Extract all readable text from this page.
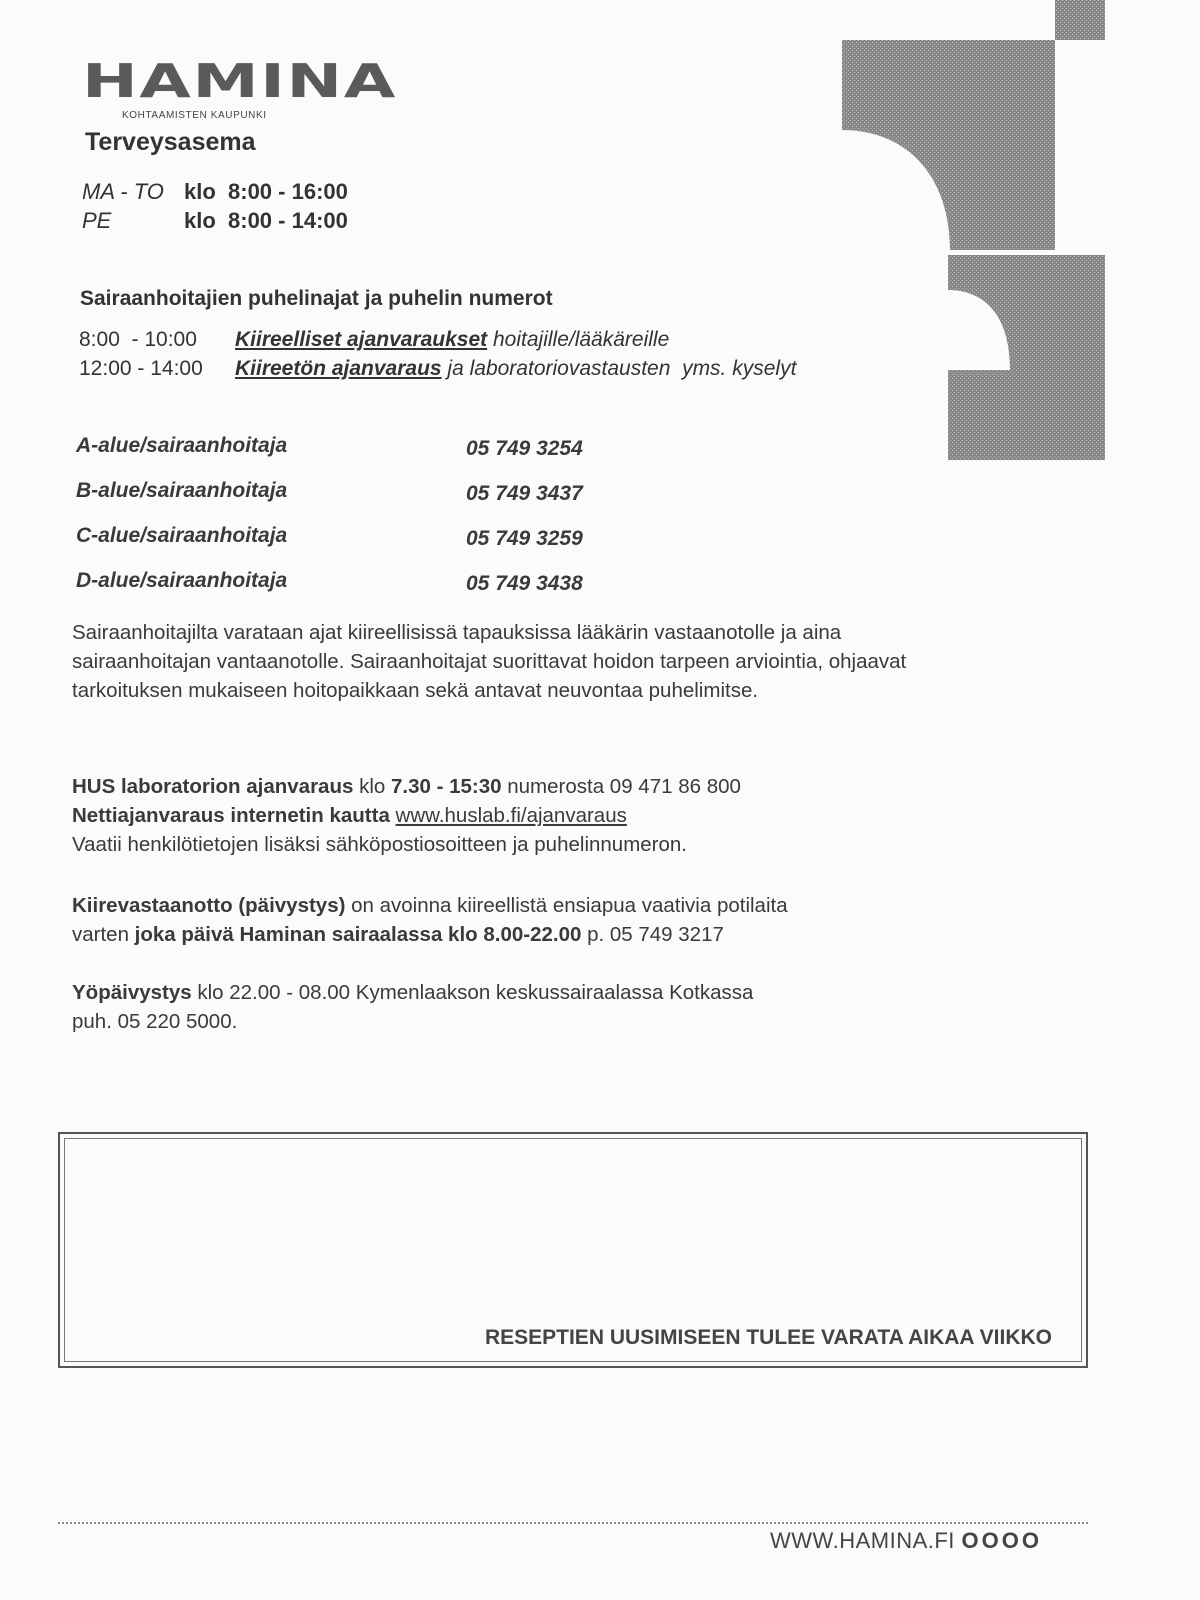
HAMINA
KOHTAAMISTEN KAUPUNKI
Terveysasema
MA - TO klo  8:00 - 16:00
PE	klo  8:00 - 14:00
Sairaanhoitajien puhelinajat ja puhelin numerot
8:00  - 10:00 Kiireelliset ajanvaraukset hoitajille/lääkäreille
12:00 - 14:00 Kiireetön ajanvaraus ja laboratoriovastausten  yms. kyselyt
A-alue/sairaanhoitaja	05 749 3254
B-alue/sairaanhoitaja	05 749 3437
C-alue/sairaanhoitaja	05 749 3259
D-alue/sairaanhoitaja	05 749 3438
Sairaanhoitajilta varataan ajat kiireellisissä tapauksissa lääkärin vastaanotolle ja aina sairaanhoitajan vantaanotolle. Sairaanhoitajat suorittavat hoidon tarpeen arviointia, ohjaavat tarkoituksen mukaiseen hoitopaikkaan sekä antavat neuvontaa puhelimitse.
HUS laboratorion ajanvaraus klo 7.30 - 15:30 numerosta 09 471 86 800
Nettiajanvaraus internetin kautta www.huslab.fi/ajanvaraus
Vaatii henkilötietojen lisäksi sähköpostiosoitteen ja puhelinnumeron.
Kiirevastaanotto (päivystys) on avoinna kiireellistä ensiapua vaativia potilaita
varten joka päivä Haminan sairaalassa klo 8.00-22.00 p. 05 749 3217
Yöpäivystys klo 22.00 - 08.00 Kymenlaakson keskussairaalassa Kotkassa
puh. 05 220 5000.
RESEPTIEN UUSIMISEEN TULEE VARATA AIKAA VIIKKO
WWW.HAMINA.FI OOOO
